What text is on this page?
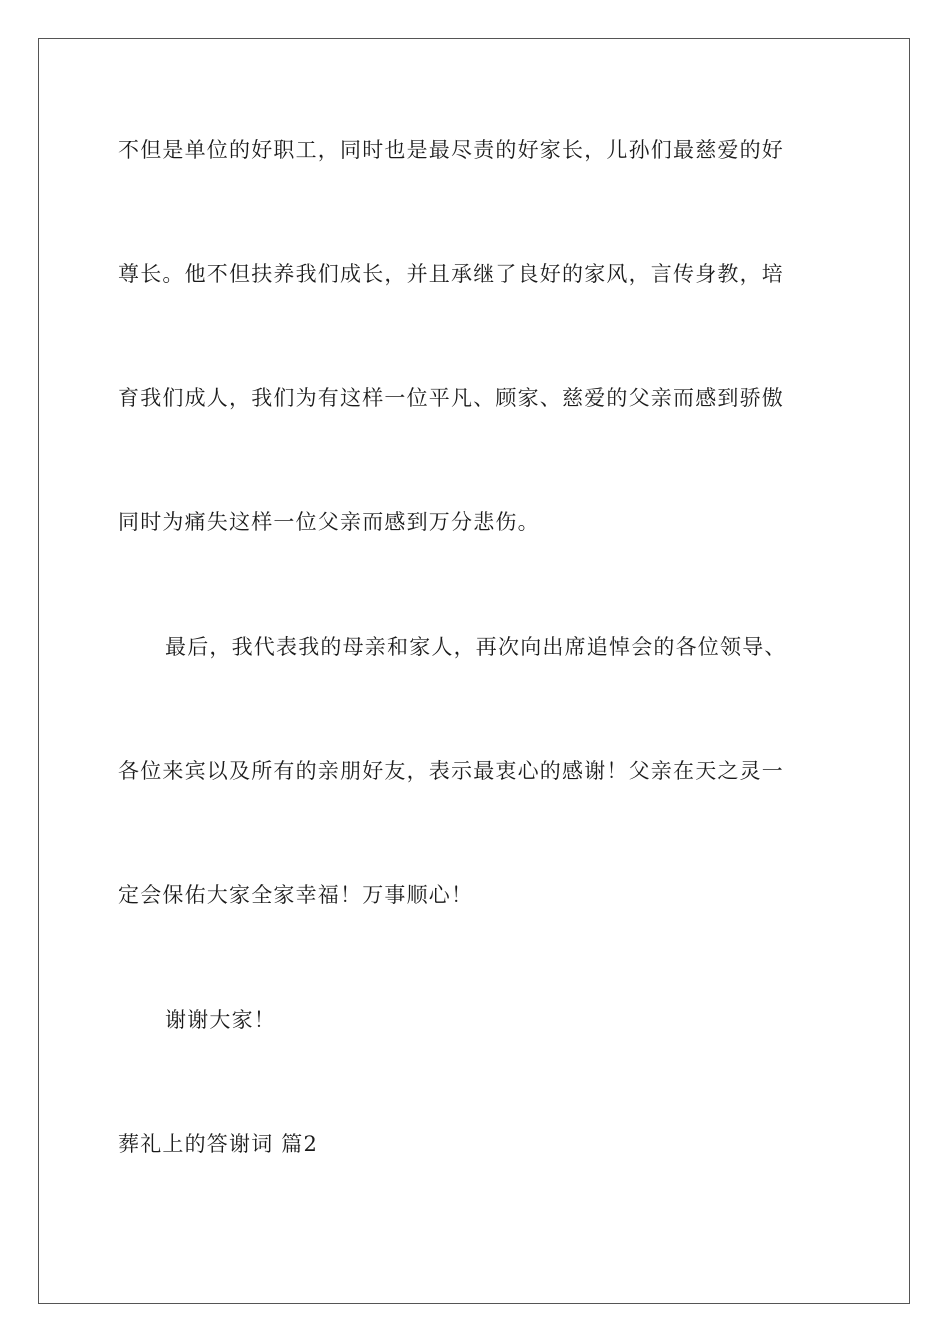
不但是单位的好职工，同时也是最尽责的好家长，儿孙们最慈爱的好
尊长。他不但扶养我们成长，并且承继了良好的家风，言传身教，培
育我们成人，我们为有这样一位平凡、顾家、慈爱的父亲而感到骄傲
同时为痛失这样一位父亲而感到万分悲伤。
最后，我代表我的母亲和家人，再次向出席追悼会的各位领导、
各位来宾以及所有的亲朋好友，表示最衷心的感谢！父亲在天之灵一
定会保佑大家全家幸福！万事顺心！
谢谢大家！
葬礼上的答谢词 篇2
